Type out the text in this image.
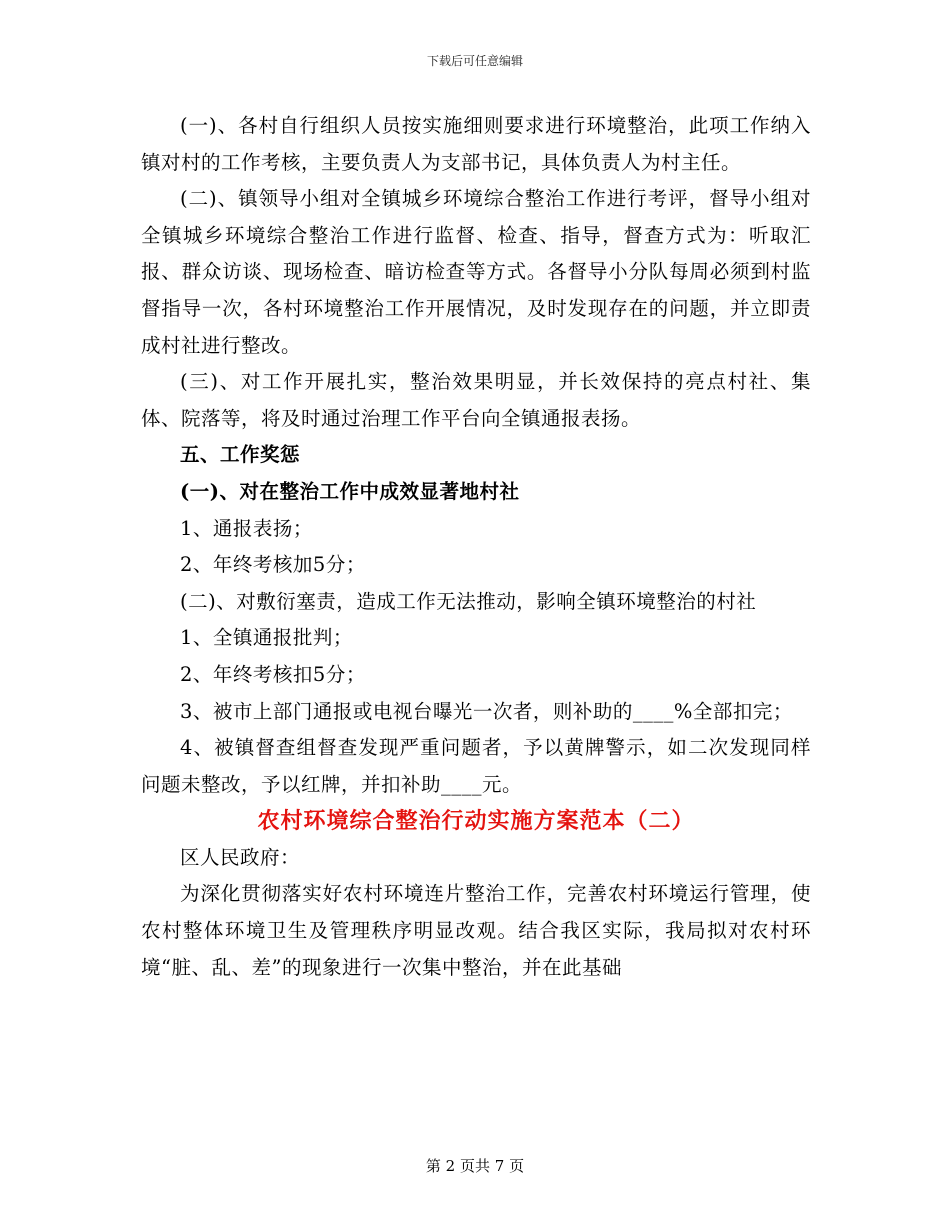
下载后可任意编辑

(一)、各村自行组织人员按实施细则要求进行环境整治，此项工作纳入镇对村的工作考核，主要负责人为支部书记，具体负责人为村主任。

(二)、镇领导小组对全镇城乡环境综合整治工作进行考评，督导小组对全镇城乡环境综合整治工作进行监督、检查、指导，督查方式为：听取汇报、群众访谈、现场检查、暗访检查等方式。各督导小分队每周必须到村监督指导一次，各村环境整治工作开展情况，及时发现存在的问题，并立即责成村社进行整改。

(三)、对工作开展扎实，整治效果明显，并长效保持的亮点村社、集体、院落等，将及时通过治理工作平台向全镇通报表扬。

五、工作奖惩

(一)、对在整治工作中成效显著地村社

1、通报表扬；

2、年终考核加5分；

(二)、对敷衍塞责，造成工作无法推动，影响全镇环境整治的村社

1、全镇通报批判；

2、年终考核扣5分；

3、被市上部门通报或电视台曝光一次者，则补助的____%全部扣完；

4、被镇督查组督查发现严重问题者，予以黄牌警示，如二次发现同样问题未整改，予以红牌，并扣补助____元。

农村环境综合整治行动实施方案范本（二）

区人民政府：

为深化贯彻落实好农村环境连片整治工作，完善农村环境运行管理，使农村整体环境卫生及管理秩序明显改观。结合我区实际，我局拟对农村环境“脏、乱、差”的现象进行一次集中整治，并在此基础

第 2 页共 7 页
